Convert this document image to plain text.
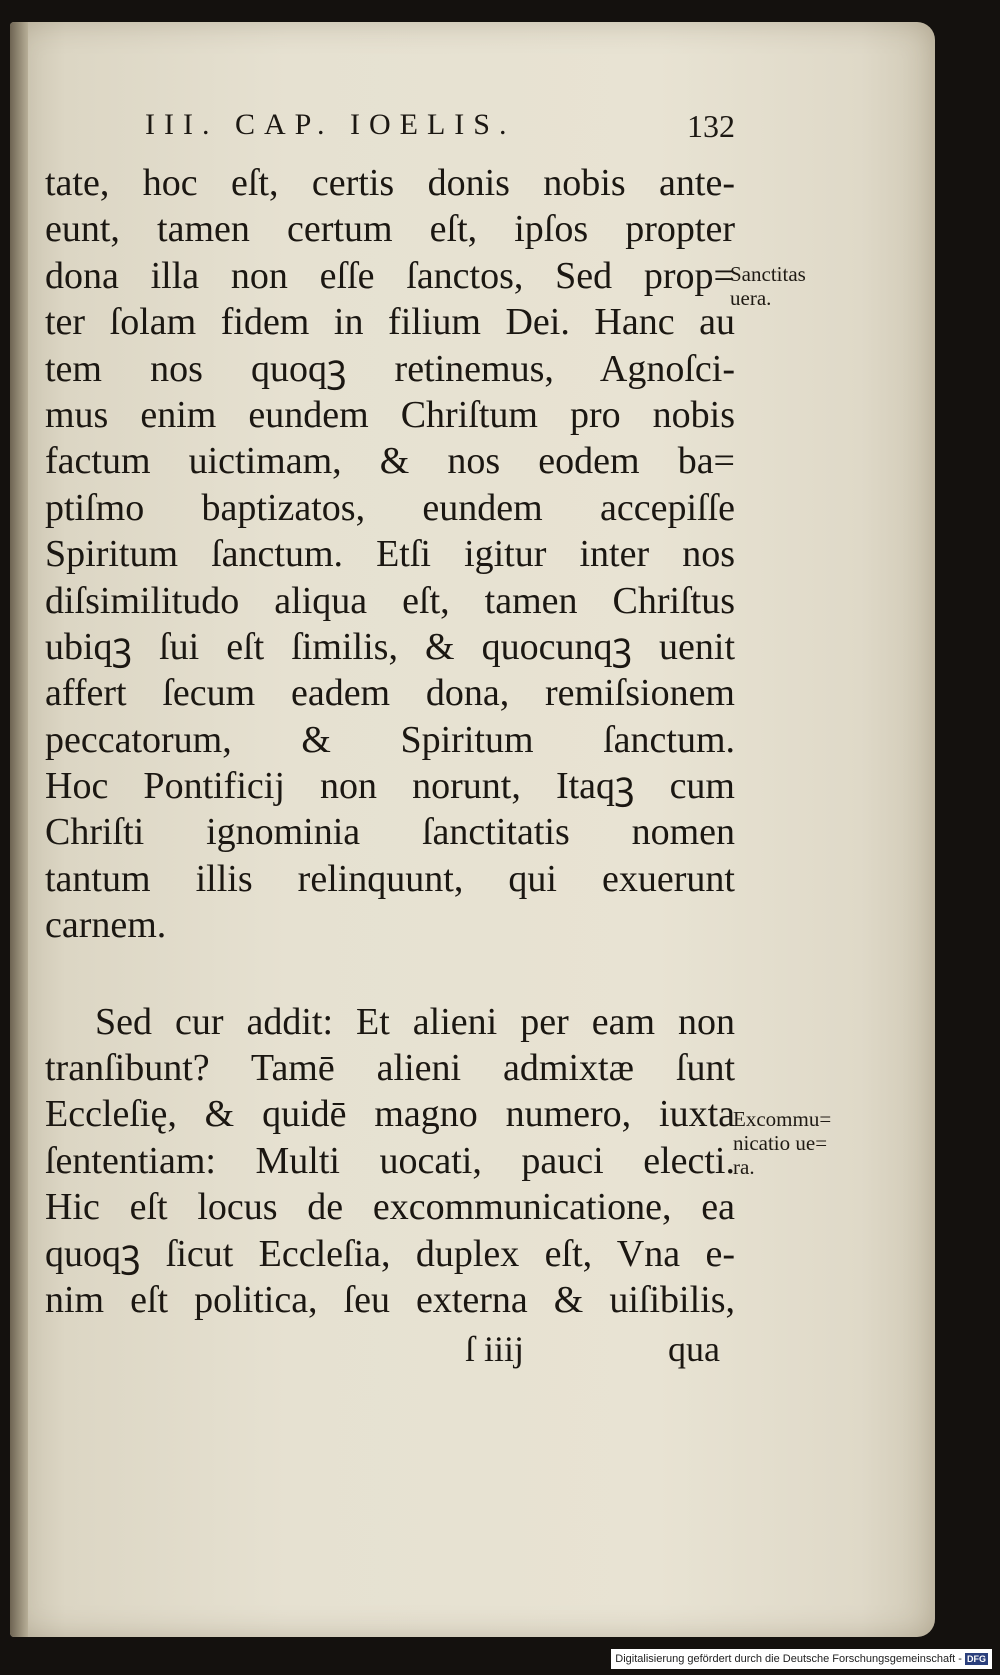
III. CAP. IOELIS.	132
tate, hoc eſt, certis donis nobis ante-
eunt, tamen certum eſt, ipſos propter
dona illa non eſſe ſanctos, Sed prop=
ter ſolam fidem in filium Dei. Hanc au
tem nos quoqꝫ retinemus, Agnoſci-
mus enim eundem Chriſtum pro nobis
factum uictimam, & nos eodem ba=
ptiſmo baptizatos, eundem accepiſſe
Spiritum ſanctum. Etſi igitur inter nos
diſsimilitudo aliqua eſt, tamen Chriſtus
ubiqꝫ ſui eſt ſimilis, & quocunqꝫ uenit
affert ſecum eadem dona, remiſsionem
peccatorum, & Spiritum ſanctum.
Hoc Pontificij non norunt, Itaqꝫ cum
Chriſti ignominia ſanctitatis nomen
tantum illis relinquunt, qui exuerunt
carnem.
Sed cur addit: Et alieni per eam non
tranſibunt? Tamē alieni admixtæ ſunt
Eccleſię, & quidē magno numero, iuxta
ſententiam: Multi uocati, pauci electi.
Hic eſt locus de excommunicatione, ea
quoqꝫ ſicut Eccleſia, duplex eſt, Vna e-
nim eſt politica, ſeu externa & uiſibilis,
Sanctitas
uera.
Excommu=
nicatio ue=
ra.
ſ iiij	qua
Digitalisierung gefördert durch die Deutsche Forschungsgemeinschaft - DFG
